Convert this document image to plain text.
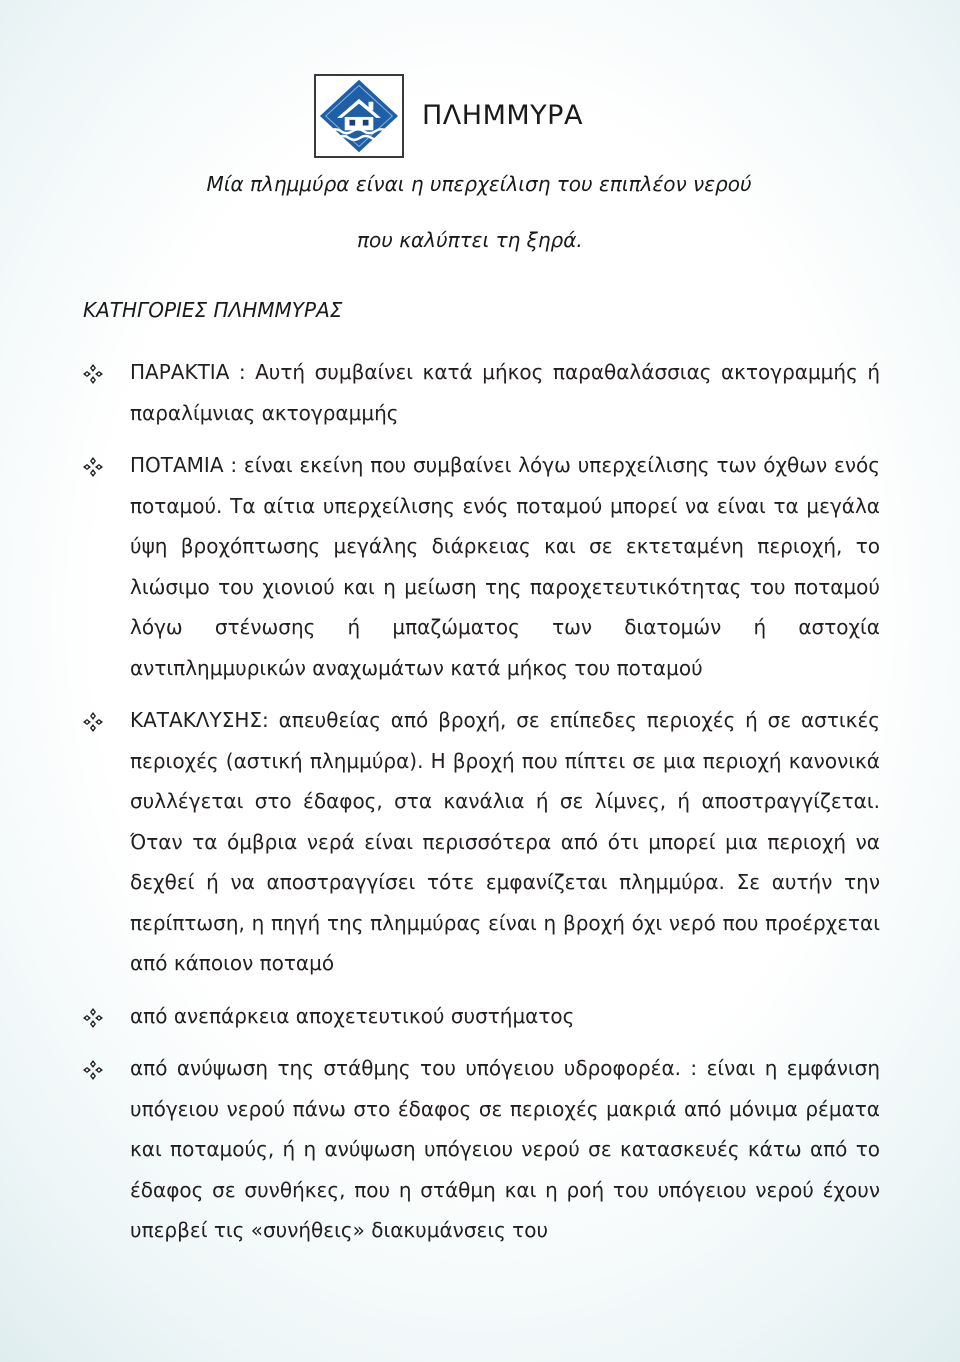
ΠΛΗΜΜΥΡΑ

Μία πλημμύρα είναι η υπερχείλιση του επιπλέον νερού

που καλύπτει τη ξηρά.

ΚΑΤΗΓΟΡΙΕΣ ΠΛΗΜΜΥΡΑΣ
ΠΑΡΑΚΤΙΑ : Αυτή συμβαίνει κατά μήκος παραθαλάσσιας ακτογραμμής ή παραλίμνιας ακτογραμμής
ΠΟΤΑΜΙΑ : είναι εκείνη που συμβαίνει λόγω υπερχείλισης των όχθων ενός ποταμού. Τα αίτια υπερχείλισης ενός ποταμού μπορεί να είναι τα μεγάλα ύψη βροχόπτωσης μεγάλης διάρκειας και σε εκτεταμένη περιοχή, το λιώσιμο του χιονιού και η μείωση της παροχετευτικότητας του ποταμού λόγω στένωσης ή μπαζώματος των διατομών ή αστοχία αντιπλημμυρικών αναχωμάτων κατά μήκος του ποταμού
ΚΑΤΑΚΛΥΣΗΣ: απευθείας από βροχή, σε επίπεδες περιοχές ή σε αστικές περιοχές (αστική πλημμύρα). Η βροχή που πίπτει σε μια περιοχή κανονικά συλλέγεται στο έδαφος, στα κανάλια ή σε λίμνες, ή αποστραγγίζεται. Όταν τα όμβρια νερά είναι περισσότερα από ότι μπορεί μια περιοχή να δεχθεί ή να αποστραγγίσει τότε εμφανίζεται πλημμύρα. Σε αυτήν την περίπτωση, η πηγή της πλημμύρας είναι η βροχή όχι νερό που προέρχεται από κάποιον ποταμό
από ανεπάρκεια αποχετευτικού συστήματος
από ανύψωση της στάθμης του υπόγειου υδροφορέα. : είναι η εμφάνιση υπόγειου νερού πάνω στο έδαφος σε περιοχές μακριά από μόνιμα ρέματα και ποταμούς, ή η ανύψωση υπόγειου νερού σε κατασκευές κάτω από το έδαφος σε συνθήκες, που η στάθμη και η ροή του υπόγειου νερού έχουν υπερβεί τις «συνήθεις» διακυμάνσεις του
